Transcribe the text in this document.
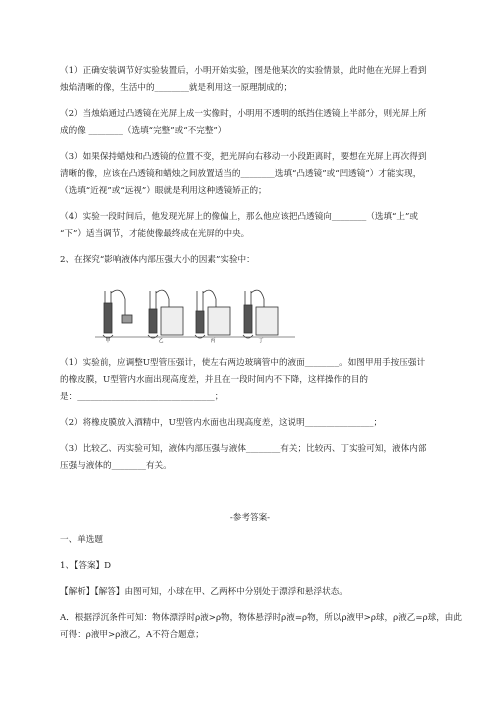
（1）正确安装调节好实验装置后，小明开始实验，图是他某次的实验情景，此时他在光屏上看到
烛焰清晰的像，生活中的________就是利用这一原理制成的；
（2）当烛焰通过凸透镜在光屏上成一实像时，小明用不透明的纸挡住透镜上半部分，则光屏上所
成的像 ________（选填“完整”或“不完整”）
（3）如果保持蜡烛和凸透镜的位置不变，把光屏向右移动一小段距离时，要想在光屏上再次得到
清晰的像，应该在凸透镜和蜡烛之间放置适当的________选填“凸透镜”或“凹透镜”）才能实现，
（选填“近视”或“远视”）眼就是利用这种透镜矫正的；
（4）实验一段时间后，他发现光屏上的像偏上，那么他应该把凸透镜向________（选填“上”或
“下”）适当调节，才能使像最终成在光屏的中央。
2、在探究“影响液体内部压强大小的因素”实验中：
甲	乙	丙	丁
（1）实验前，应调整U型管压强计，使左右两边玻璃管中的液面________。如图甲用手按压强计
的橡皮膜，U型管内水面出现高度差，并且在一段时间内不下降，这样操作的目的
是：________________________________；
（2）将橡皮膜放入酒精中，U型管内水面也出现高度差，这说明________________；
（3）比较乙、丙实验可知，液体内部压强与液体________有关；比较丙、丁实验可知，液体内部
压强与液体的________有关。
-参考答案-
一、单选题
1、【答案】D
【解析】【解答】由图可知，小球在甲、乙两杯中分别处于漂浮和悬浮状态。
A．根据浮沉条件可知：物体漂浮时ρ液>ρ物，物体悬浮时ρ液=ρ物，所以ρ液甲>ρ球，ρ液乙=ρ球，由此
可得：ρ液甲>ρ液乙，A不符合题意；
